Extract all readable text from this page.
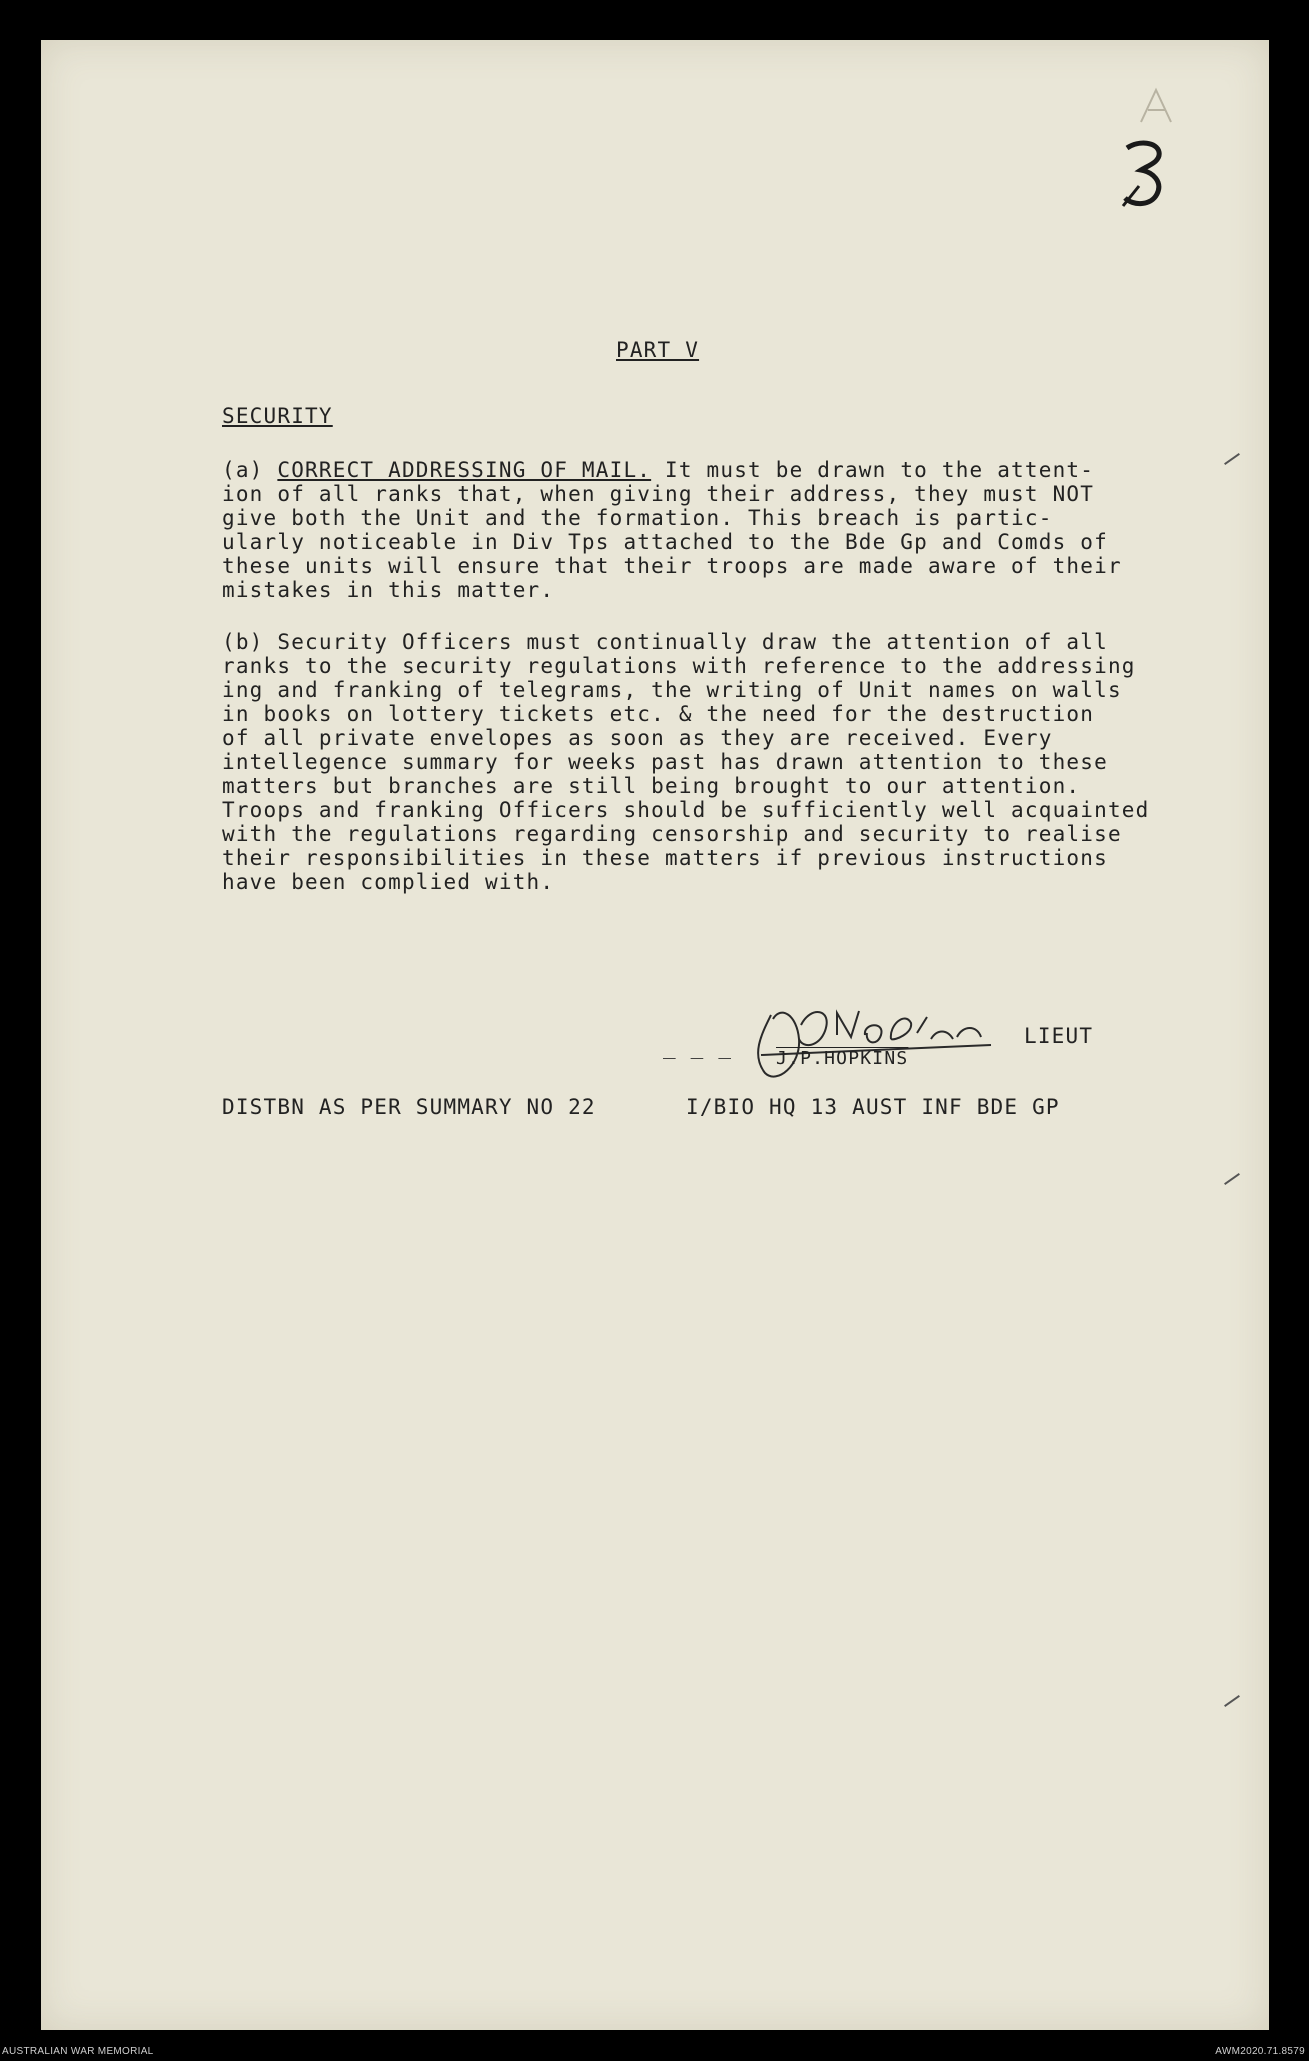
PART V
SECURITY
(a) CORRECT ADDRESSING OF MAIL. It must be drawn to the attent-
ion of all ranks that, when giving their address, they must NOT
give both the Unit and the formation. This breach is partic-
ularly noticeable in Div Tps attached to the Bde Gp and Comds of
these units will ensure that their troops are made aware of their
mistakes in this matter.
(b) Security Officers must continually draw the attention of all
ranks to the security regulations with reference to the addressing
ing and franking of telegrams, the writing of Unit names on walls
in books on lottery tickets etc. & the need for the destruction
of all private envelopes as soon as they are received. Every
intellegence summary for weeks past has drawn attention to these
matters but branches are still being brought to our attention.
Troops and franking Officers should be sufficiently well acquainted
with the regulations regarding censorship and security to realise
their responsibilities in these matters if previous instructions
have been complied with.
_ _ _	LIEUT
J.P.HOPKINS
DISTBN AS PER SUMMARY NO 22	I/BIO HQ 13 AUST INF BDE GP
AUSTRALIAN WAR MEMORIAL	AWM2020.71.8579
